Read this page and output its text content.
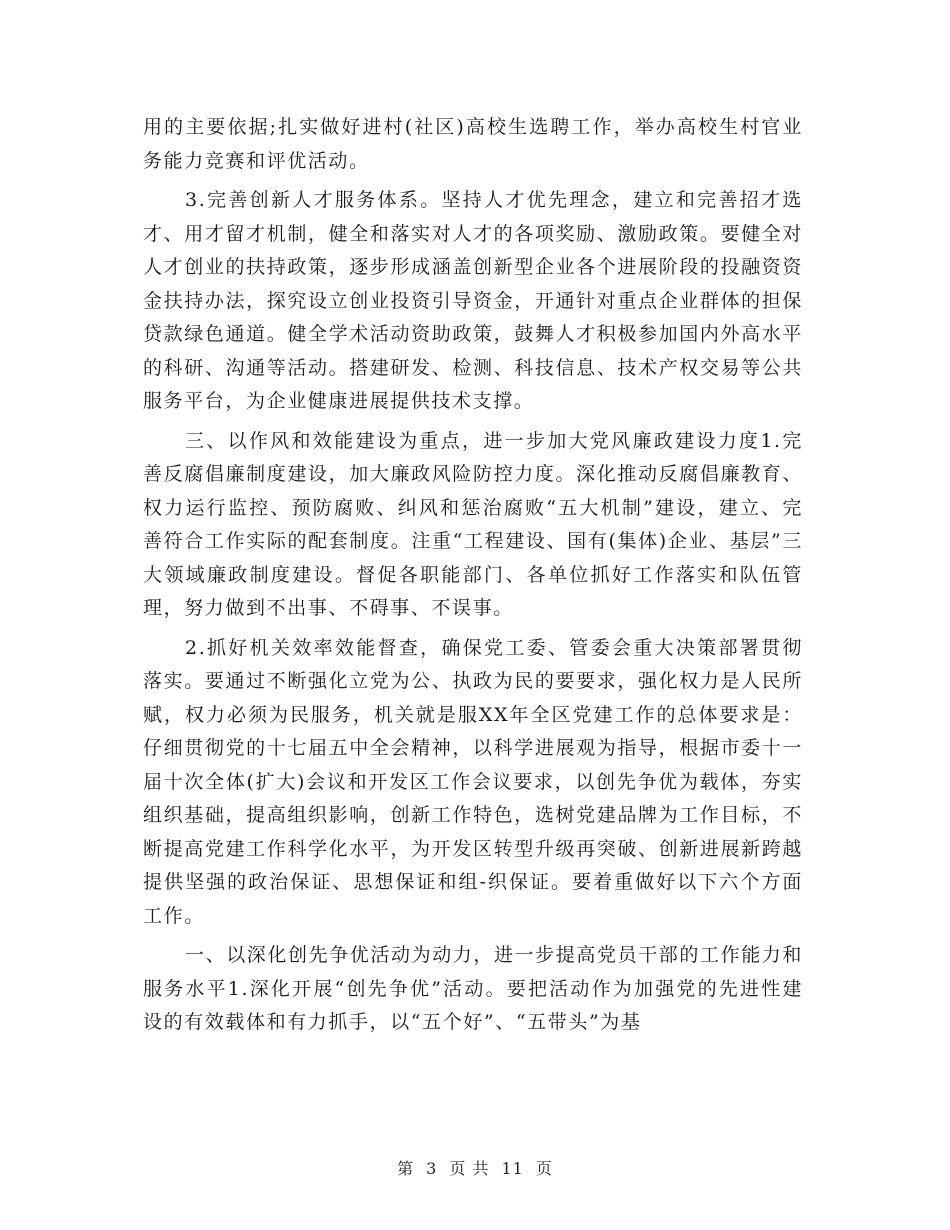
用的主要依据;扎实做好进村(社区)高校生选聘工作，举办高校生村官业务能力竞赛和评优活动。

3.完善创新人才服务体系。坚持人才优先理念，建立和完善招才选才、用才留才机制，健全和落实对人才的各项奖励、激励政策。要健全对人才创业的扶持政策，逐步形成涵盖创新型企业各个进展阶段的投融资资金扶持办法，探究设立创业投资引导资金，开通针对重点企业群体的担保贷款绿色通道。健全学术活动资助政策，鼓舞人才积极参加国内外高水平的科研、沟通等活动。搭建研发、检测、科技信息、技术产权交易等公共服务平台，为企业健康进展提供技术支撑。

三、以作风和效能建设为重点，进一步加大党风廉政建设力度1.完善反腐倡廉制度建设，加大廉政风险防控力度。深化推动反腐倡廉教育、权力运行监控、预防腐败、纠风和惩治腐败“五大机制”建设，建立、完善符合工作实际的配套制度。注重“工程建设、国有(集体)企业、基层”三大领域廉政制度建设。督促各职能部门、各单位抓好工作落实和队伍管理，努力做到不出事、不碍事、不误事。

2.抓好机关效率效能督查，确保党工委、管委会重大决策部署贯彻落实。要通过不断强化立党为公、执政为民的要要求，强化权力是人民所赋，权力必须为民服务，机关就是服XX年全区党建工作的总体要求是：仔细贯彻党的十七届五中全会精神，以科学进展观为指导，根据市委十一届十次全体(扩大)会议和开发区工作会议要求，以创先争优为载体，夯实组织基础，提高组织影响，创新工作特色，选树党建品牌为工作目标，不断提高党建工作科学化水平，为开发区转型升级再突破、创新进展新跨越提供坚强的政治保证、思想保证和组-织保证。要着重做好以下六个方面工作。

一、以深化创先争优活动为动力，进一步提高党员干部的工作能力和服务水平1.深化开展“创先争优”活动。要把活动作为加强党的先进性建设的有效载体和有力抓手，以“五个好”、“五带头”为基

第 3 页 共 11 页
